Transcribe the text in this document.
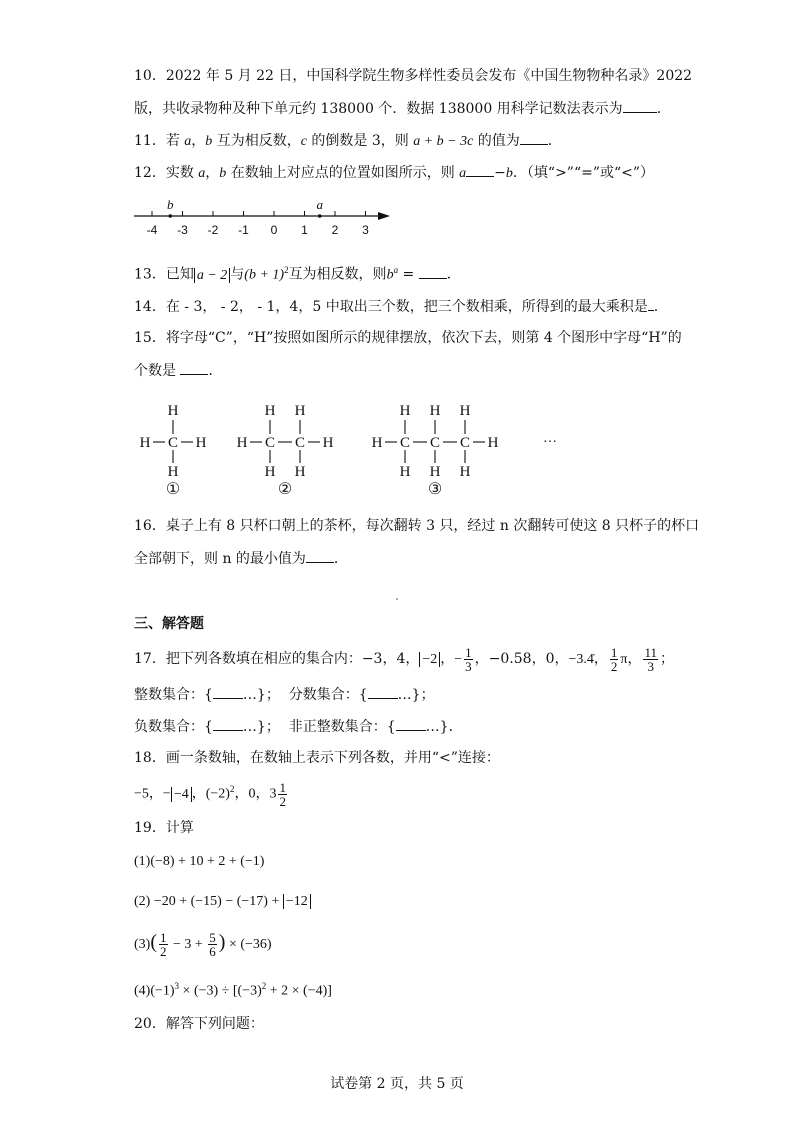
10．2022 年 5 月 22 日，中国科学院生物多样性委员会发布《中国生物物种名录》2022
版，共收录物种及种下单元约 138000 个．数据 138000 用科学记数法表示为 ．
11．若 a，b 互为相反数，c 的倒数是 3，则 a + b − 3c 的值为 ．
12．实数 a，b 在数轴上对应点的位置如图所示，则 a −b．（填“>”“=”或“<”）
-4 -3 -2 -1 0 1 2 3
b	a
13．已知 a − 2 与$(b + 1)^2$互为相反数，则$b^a$ = ．
14．在 - 3， - 2， - 1，4，5 中取出三个数，把三个数相乘，所得到的最大乘积是 .
15．将字母“C”，“H”按照如图所示的规律摆放，依次下去，则第 4 个图形中字母“H”的
个数是 ．
H C
H
H
H
①
H C
H
H
C
H
H
H
②
H C
H
H
C
H
H
C
H
H
H
③
···
16．桌子上有 8 只杯口朝上的茶杯，每次翻转 3 只，经过 n 次翻转可使这 8 只杯子的杯口
全部朝下，则 n 的最小值为 ．
三、解答题
17．把下列各数填在相应的集合内：−3，4， −2 ，− $\frac{1}{3}$ ，−0.58，0，−3.4̇， $\frac{1}{2}$ π， $\frac{11}{3}$ ；
整数集合：{ …}； 分数集合：{ …}；
负数集合：{ …}； 非正整数集合：{ …}．
18．画一条数轴，在数轴上表示下列各数，并用“<”连接：
−5，− −4 ，$(-2)^2$，0，$3 \frac{1}{2}$
19．计算
(1)(−8) + 10 + 2 + (−1)
(2) −20 + (−15) − (−17) + −12
$(3)( \frac{1}{2} - 3 + \frac{5}{6}$ ) × (−36)
$(4)(-1)^3 \times (-3) \div [(-3)^2 + 2 \times (-4)]$
20．解答下列问题：
试卷第 2 页，共 5 页
